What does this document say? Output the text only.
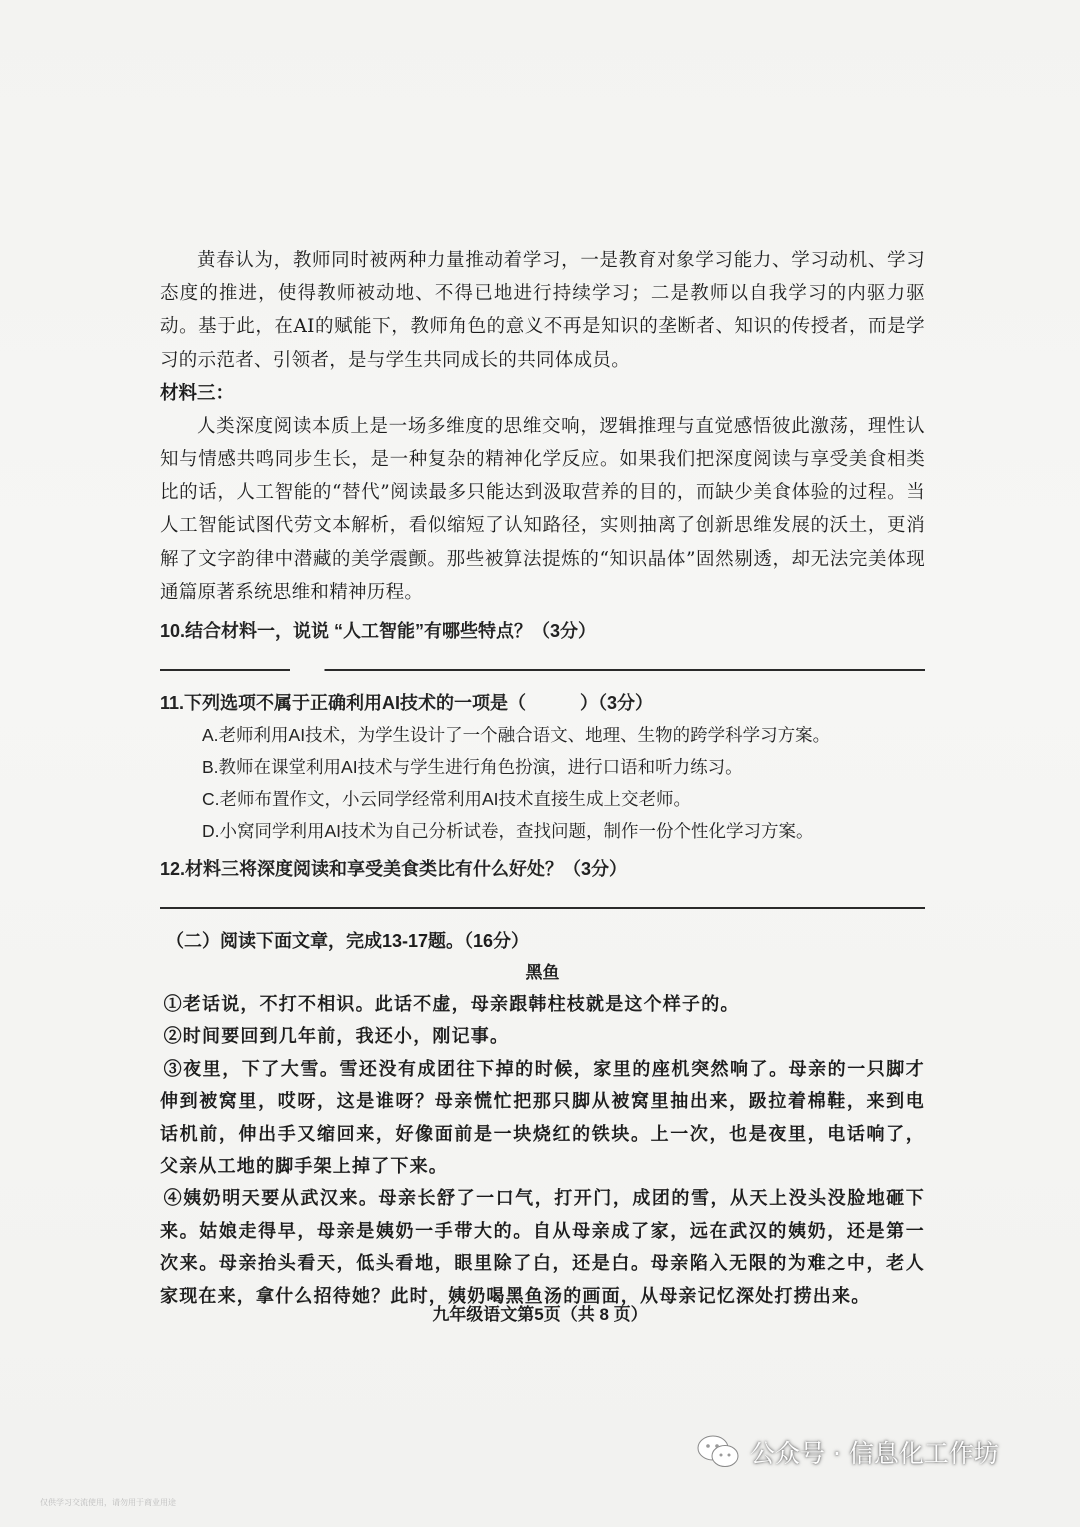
黄春认为，教师同时被两种力量推动着学习，一是教育对象学习能力、学习动机、学习态度的推进，使得教师被动地、不得已地进行持续学习；二是教师以自我学习的内驱力驱动。基于此，在AI的赋能下，教师角色的意义不再是知识的垄断者、知识的传授者，而是学习的示范者、引领者，是与学生共同成长的共同体成员。

材料三：

人类深度阅读本质上是一场多维度的思维交响，逻辑推理与直觉感悟彼此激荡，理性认知与情感共鸣同步生长，是一种复杂的精神化学反应。如果我们把深度阅读与享受美食相类比的话，人工智能的“替代”阅读最多只能达到汲取营养的目的，而缺少美食体验的过程。当人工智能试图代劳文本解析，看似缩短了认知路径，实则抽离了创新思维发展的沃土，更消解了文字韵律中潜藏的美学震颤。那些被算法提炼的“知识晶体”固然剔透，却无法完美体现通篇原著系统思维和精神历程。

10.结合材料一，说说 “人工智能”有哪些特点？（3分）

11.下列选项不属于正确利用AI技术的一项是（　　　）（3分）

A.老师利用AI技术，为学生设计了一个融合语文、地理、生物的跨学科学习方案。

B.教师在课堂利用AI技术与学生进行角色扮演，进行口语和听力练习。

C.老师布置作文，小云同学经常利用AI技术直接生成上交老师。

D.小窝同学利用AI技术为自己分析试卷，查找问题，制作一份个性化学习方案。

12.材料三将深度阅读和享受美食类比有什么好处？（3分）

（二）阅读下面文章，完成13-17题。（16分）

黑鱼

①老话说，不打不相识。此话不虚，母亲跟韩柱枝就是这个样子的。

②时间要回到几年前，我还小，刚记事。

③夜里，下了大雪。雪还没有成团往下掉的时候，家里的座机突然响了。母亲的一只脚才伸到被窝里，哎呀，这是谁呀？母亲慌忙把那只脚从被窝里抽出来，趿拉着棉鞋，来到电话机前，伸出手又缩回来，好像面前是一块烧红的铁块。上一次，也是夜里，电话响了，父亲从工地的脚手架上掉了下来。

④姨奶明天要从武汉来。母亲长舒了一口气，打开门，成团的雪，从天上没头没脸地砸下来。姑娘走得早，母亲是姨奶一手带大的。自从母亲成了家，远在武汉的姨奶，还是第一次来。母亲抬头看天，低头看地，眼里除了白，还是白。母亲陷入无限的为难之中，老人家现在来，拿什么招待她？此时，姨奶喝黑鱼汤的画面，从母亲记忆深处打捞出来。

九年级语文第5页（共 8 页）
公众号 · 信息化工作坊
仅供学习交流使用，请勿用于商业用途
